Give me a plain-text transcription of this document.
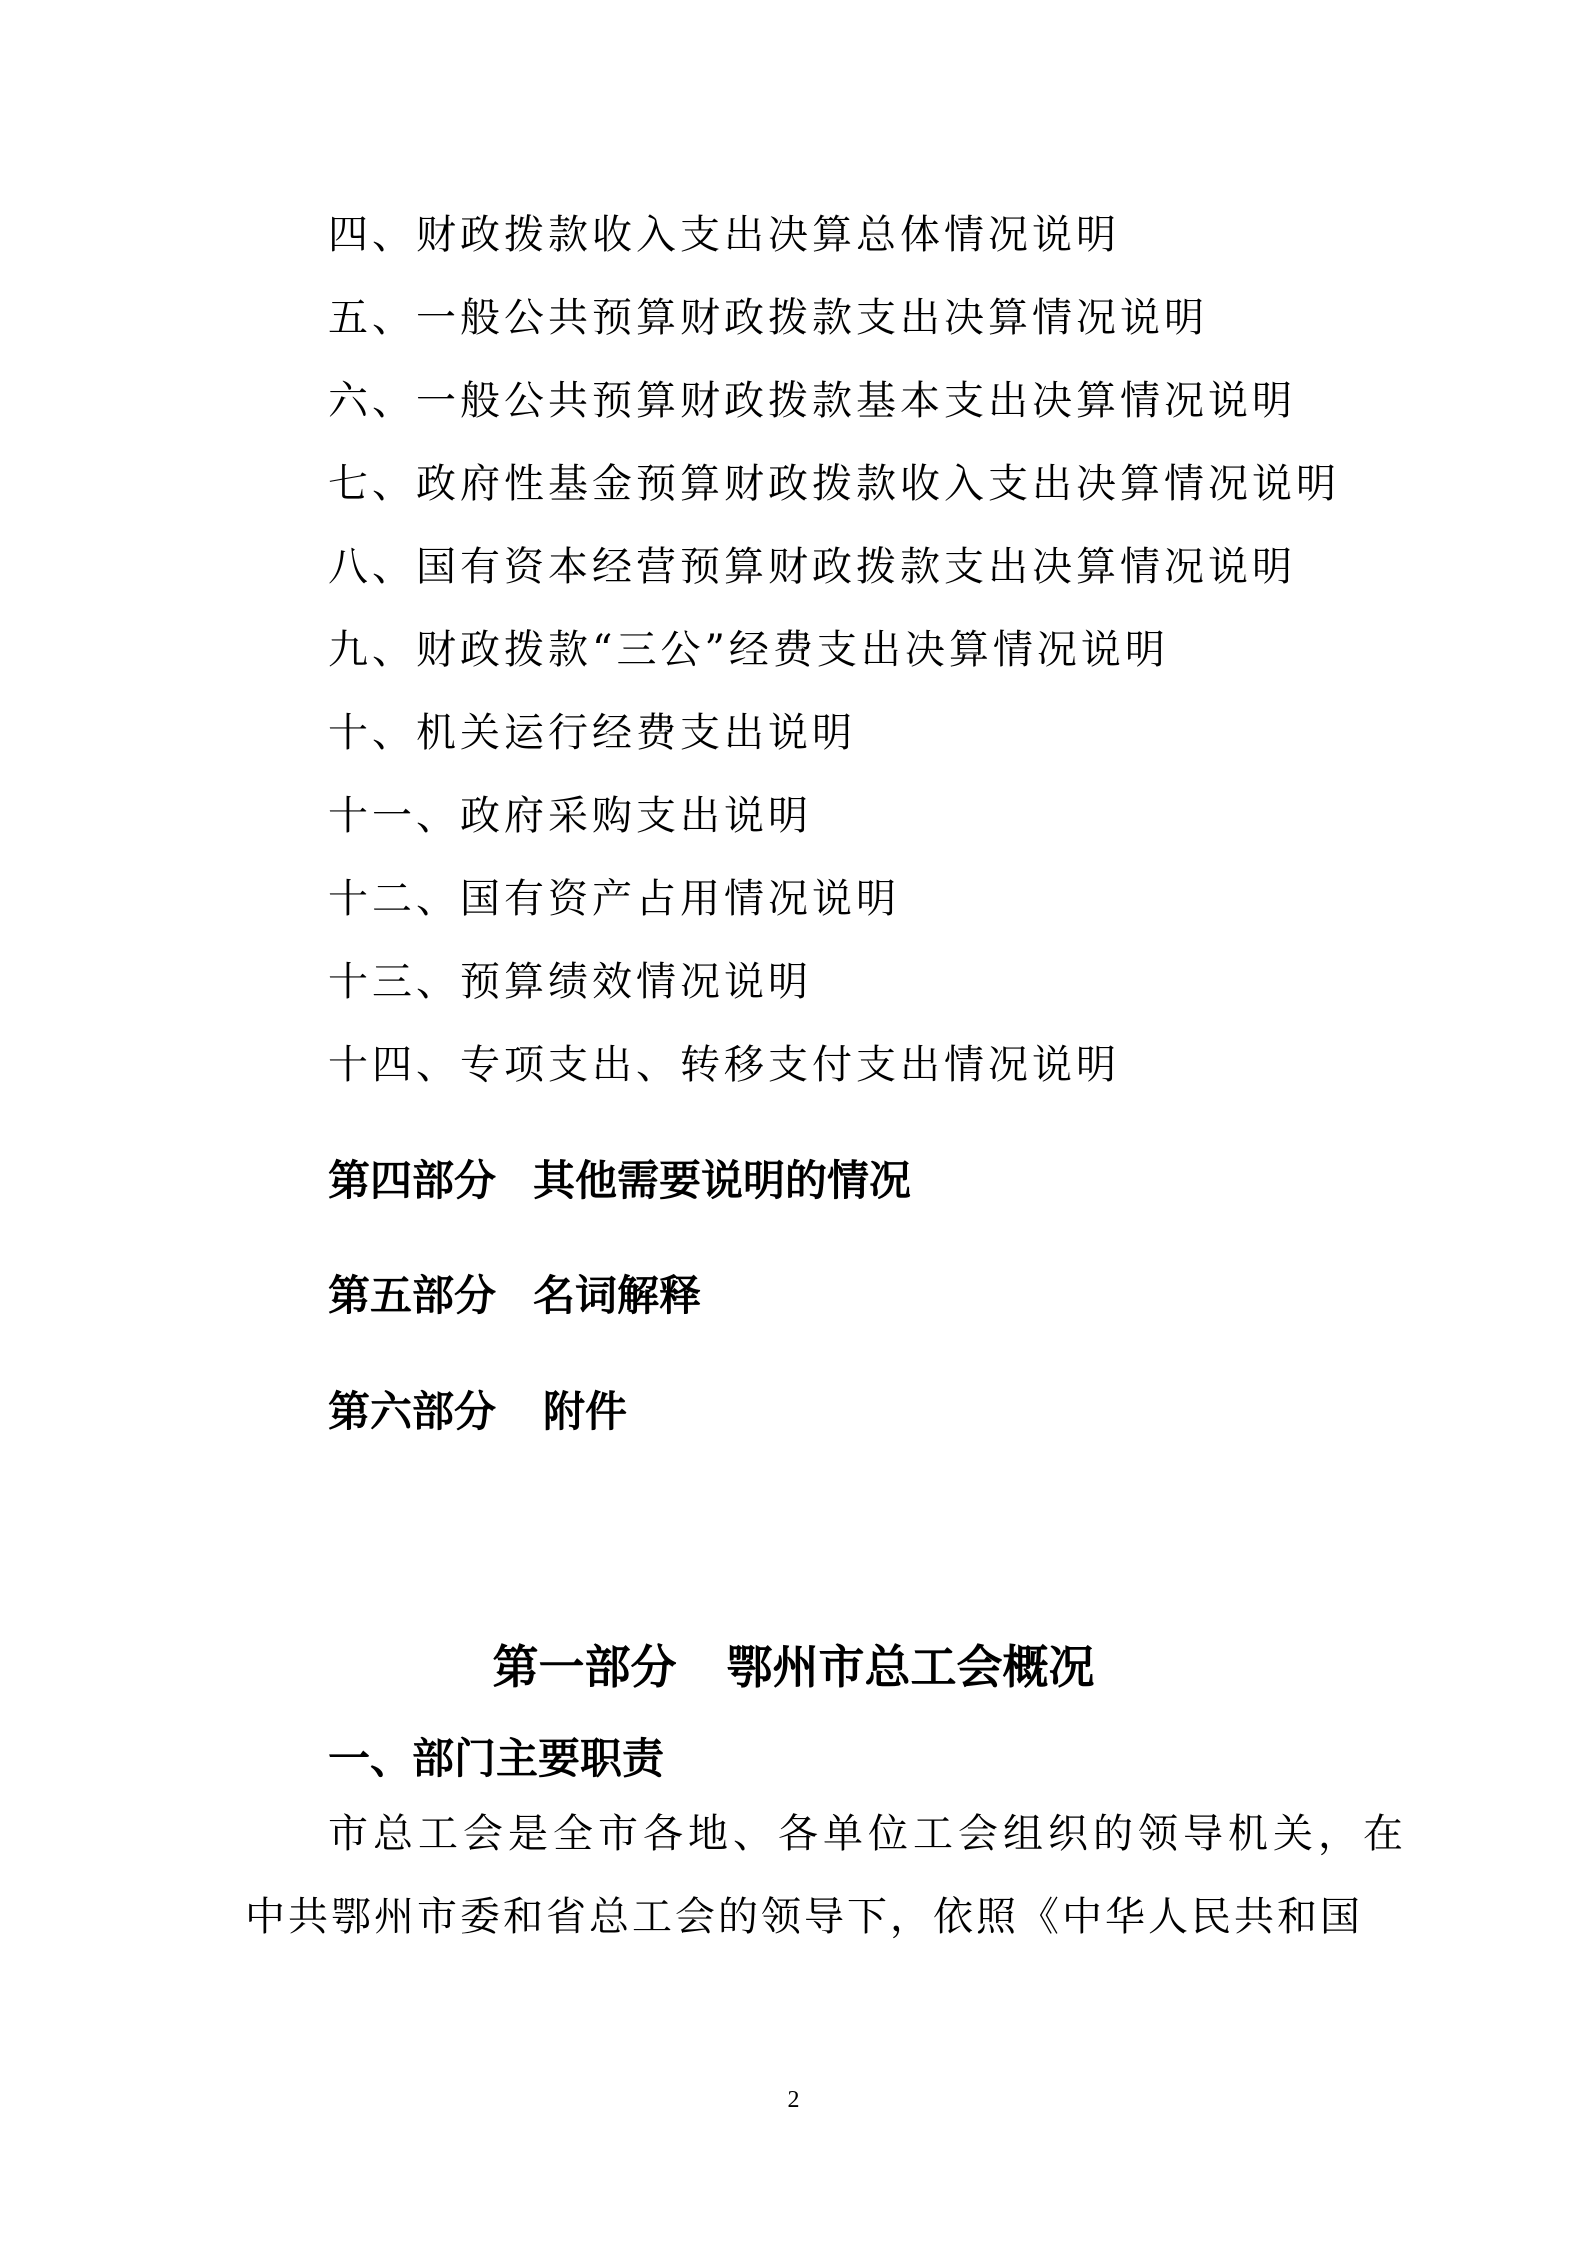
四、财政拨款收入支出决算总体情况说明
五、一般公共预算财政拨款支出决算情况说明
六、一般公共预算财政拨款基本支出决算情况说明
七、政府性基金预算财政拨款收入支出决算情况说明
八、国有资本经营预算财政拨款支出决算情况说明
九、财政拨款“三公”经费支出决算情况说明
十、机关运行经费支出说明
十一、政府采购支出说明
十二、国有资产占用情况说明
十三、预算绩效情况说明
十四、专项支出、转移支付支出情况说明
第四部分 其他需要说明的情况
第五部分 名词解释
第六部分 附件
第一部分 鄂州市总工会概况
一、部门主要职责
市总工会是全市各地、各单位工会组织的领导机关，在
中共鄂州市委和省总工会的领导下，依照《中华人民共和国
2
